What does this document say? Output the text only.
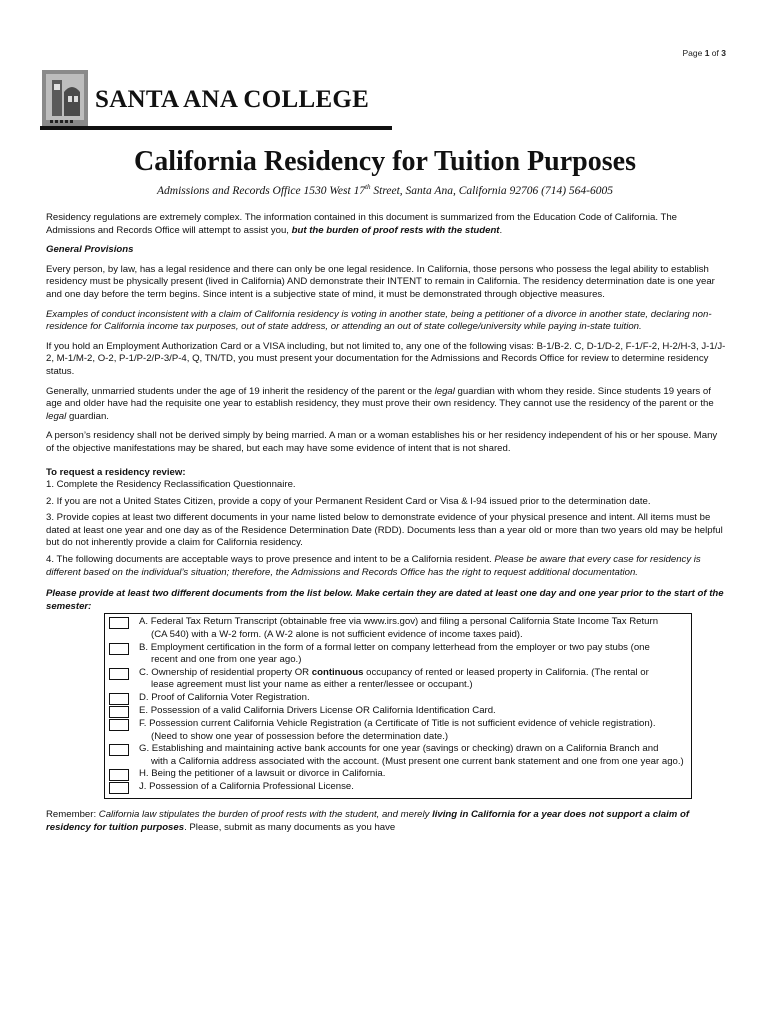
Page 1 of 3
SANTA ANA COLLEGE
California Residency for Tuition Purposes
Admissions and Records Office 1530 West 17th Street, Santa Ana, California 92706 (714) 564-6005

Residency regulations are extremely complex. The information contained in this document is summarized from the Education Code of California. The Admissions and Records Office will attempt to assist you, but the burden of proof rests with the student.

General Provisions

Every person, by law, has a legal residence and there can only be one legal residence. In California, those persons who possess the legal ability to establish residency must be physically present (lived in California) AND demonstrate their INTENT to remain in California. The residency determination date is one year and one day before the term begins. Since intent is a subjective state of mind, it must be demonstrated through objective measures.

Examples of conduct inconsistent with a claim of California residency is voting in another state, being a petitioner of a divorce in another state, declaring non-residence for California income tax purposes, out of state address, or attending an out of state college/university while paying in-state tuition.

If you hold an Employment Authorization Card or a VISA including, but not limited to, any one of the following visas: B-1/B-2. C, D-1/D-2, F-1/F-2, H-2/H-3, J-1/J-2, M-1/M-2, O-2, P-1/P-2/P-3/P-4, Q, TN/TD, you must present your documentation for the Admissions and Records Office for review to determine residency status.

Generally, unmarried students under the age of 19 inherit the residency of the parent or the legal guardian with whom they reside. Since students 19 years of age and older have had the requisite one year to establish residency, they must prove their own residency. They cannot use the residency of the parent or the legal guardian.

A person’s residency shall not be derived simply by being married. A man or a woman establishes his or her residency independent of his or her spouse. Many of the objective manifestations may be shared, but each may have some evidence of intent that is not shared.

To request a residency review:

1. Complete the Residency Reclassification Questionnaire.

2. If you are not a United States Citizen, provide a copy of your Permanent Resident Card or Visa & I-94 issued prior to the determination date.

3. Provide copies at least two different documents in your name listed below to demonstrate evidence of your physical presence and intent. All items must be dated at least one year and one day as of the Residence Determination Date (RDD). Documents less than a year old or more than two years old may be helpful but do not inherently provide a claim for California residency.

4. The following documents are acceptable ways to prove presence and intent to be a California resident. Please be aware that every case for residency is different based on the individual’s situation; therefore, the Admissions and Records Office has the right to request additional documentation.

Please provide at least two different documents from the list below. Make certain they are dated at least one day and one year prior to the start of the semester:

A. Federal Tax Return Transcript (obtainable free via www.irs.gov) and filing a personal California State Income Tax Return
(CA 540) with a W-2 form. (A W-2 alone is not sufficient evidence of income taxes paid).
B. Employment certification in the form of a formal letter on company letterhead from the employer or two pay stubs (one
recent and one from one year ago.)
C. Ownership of residential property OR continuous occupancy of rented or leased property in California. (The rental or
lease agreement must list your name as either a renter/lessee or occupant.)
D. Proof of California Voter Registration.
E. Possession of a valid California Drivers License OR California Identification Card.
F. Possession current California Vehicle Registration (a Certificate of Title is not sufficient evidence of vehicle registration).
(Need to show one year of possession before the determination date.)
G. Establishing and maintaining active bank accounts for one year (savings or checking) drawn on a California Branch and
with a California address associated with the account. (Must present one current bank statement and one from one year ago.)
H. Being the petitioner of a lawsuit or divorce in California.
J. Possession of a California Professional License.

Remember: California law stipulates the burden of proof rests with the student, and merely living in California for a year does not support a claim of residency for tuition purposes. Please, submit as many documents as you have
